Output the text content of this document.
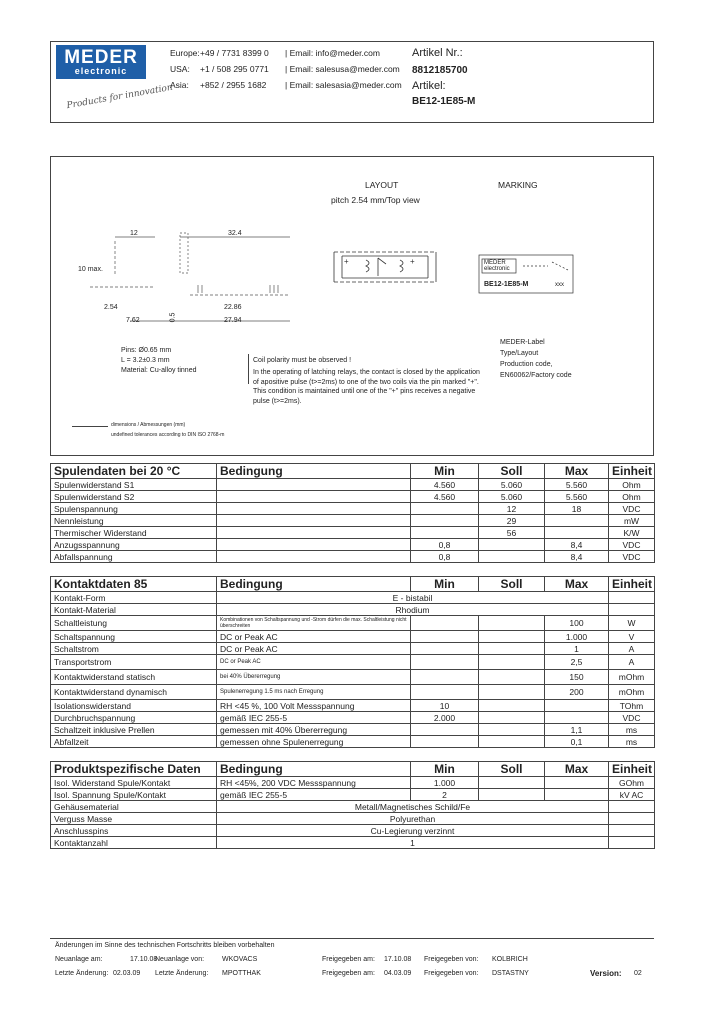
MEDER
electronic
Products for innovation
Europe: +49 / 7731 8399 0 | Email: info@meder.com
USA: +1 / 508 295 0771 | Email: salesusa@meder.com
Asia: +852 / 2955 1682 | Email: salesasia@meder.com
Artikel Nr.:
8812185700
Artikel:
BE12-1E85-M
LAYOUT	MARKING
pitch 2.54 mm/Top view
12	32.4
10 max.
2.54
7.62
22.86
27.94
0.5
+	+	MEDER electronic
BE12-1E85-M	xxx
Pins: Ø0.65 mm
L = 3.2±0.3 mm
Material: Cu-alloy tinned
Coil polarity must be observed !
In the operating of latching relays, the contact is closed by the application of apositive pulse (t>=2ms) to one of the two coils via the pin marked "+". This condition is maintained until one of the "+" pins receives a negative pulse (t>=2ms).
MEDER-Label
Type/Layout
Production code,
EN60062/Factory code
dimensions / Abmessungen (mm)
undefined tolerances according to DIN ISO 2768-m
Spulendaten bei 20 °C	Bedingung	Min	Soll	Max	Einheit
Spulenwiderstand S1		4.560	5.060	5.560	Ohm
Spulenwiderstand S2		4.560	5.060	5.560	Ohm
Spulenspannung			12	18	VDC
Nennleistung			29		mW
Thermischer Widerstand			56		K/W
Anzugsspannung		0,8		8,4	VDC
Abfallspannung		0,8		8,4	VDC
Kontaktdaten 85	Bedingung	Min	Soll	Max	Einheit
Kontakt-Form	E - bistabil				
Kontakt-Material	Rhodium				
Schaltleistung	Kombinationen von Schaltspannung und -Strom dürfen die max. Schaltleistung nicht überschreiten			100	W
Schaltspannung	DC or Peak AC			1.000	V
Schaltstrom	DC or Peak AC			1	A
Transportstrom	DC or Peak AC			2,5	A
Kontaktwiderstand statisch	bei 40% Übererregung			150	mOhm
Kontaktwiderstand dynamisch	Spulenerregung 1.5 ms nach Erregung			200	mOhm
Isolationswiderstand	RH <45 %, 100 Volt Messspannung	10			TOhm
Durchbruchspannung	gemäß IEC 255-5	2.000			VDC
Schaltzeit inklusive Prellen	gemessen mit 40% Übererregung			1,1	ms
Abfallzeit	gemessen ohne Spulenerregung			0,1	ms
Produktspezifische Daten	Bedingung	Min	Soll	Max	Einheit
Isol. Widerstand Spule/Kontakt	RH <45%, 200 VDC Messspannung	1.000			GOhm
Isol. Spannung Spule/Kontakt	gemäß IEC 255-5	2			kV AC
Gehäusematerial	Metall/Magnetisches Schild/Fe				
Verguss Masse	Polyurethan				
Anschlusspins	Cu-Legierung verzinnt				
Kontaktanzahl	1				
Änderungen im Sinne des technischen Fortschritts bleiben vorbehalten
Neuanlage am:	17.10.08
Neuanlage von:	WKOVACS	Freigegeben am: 17.10.08 Freigegeben von: KOLBRICH
Letzte Änderung: 02.03.09 Letzte Änderung: MPOTTHAK	Freigegeben am: 04.03.09 Freigegeben von: DSTASTNY	Version: 02
